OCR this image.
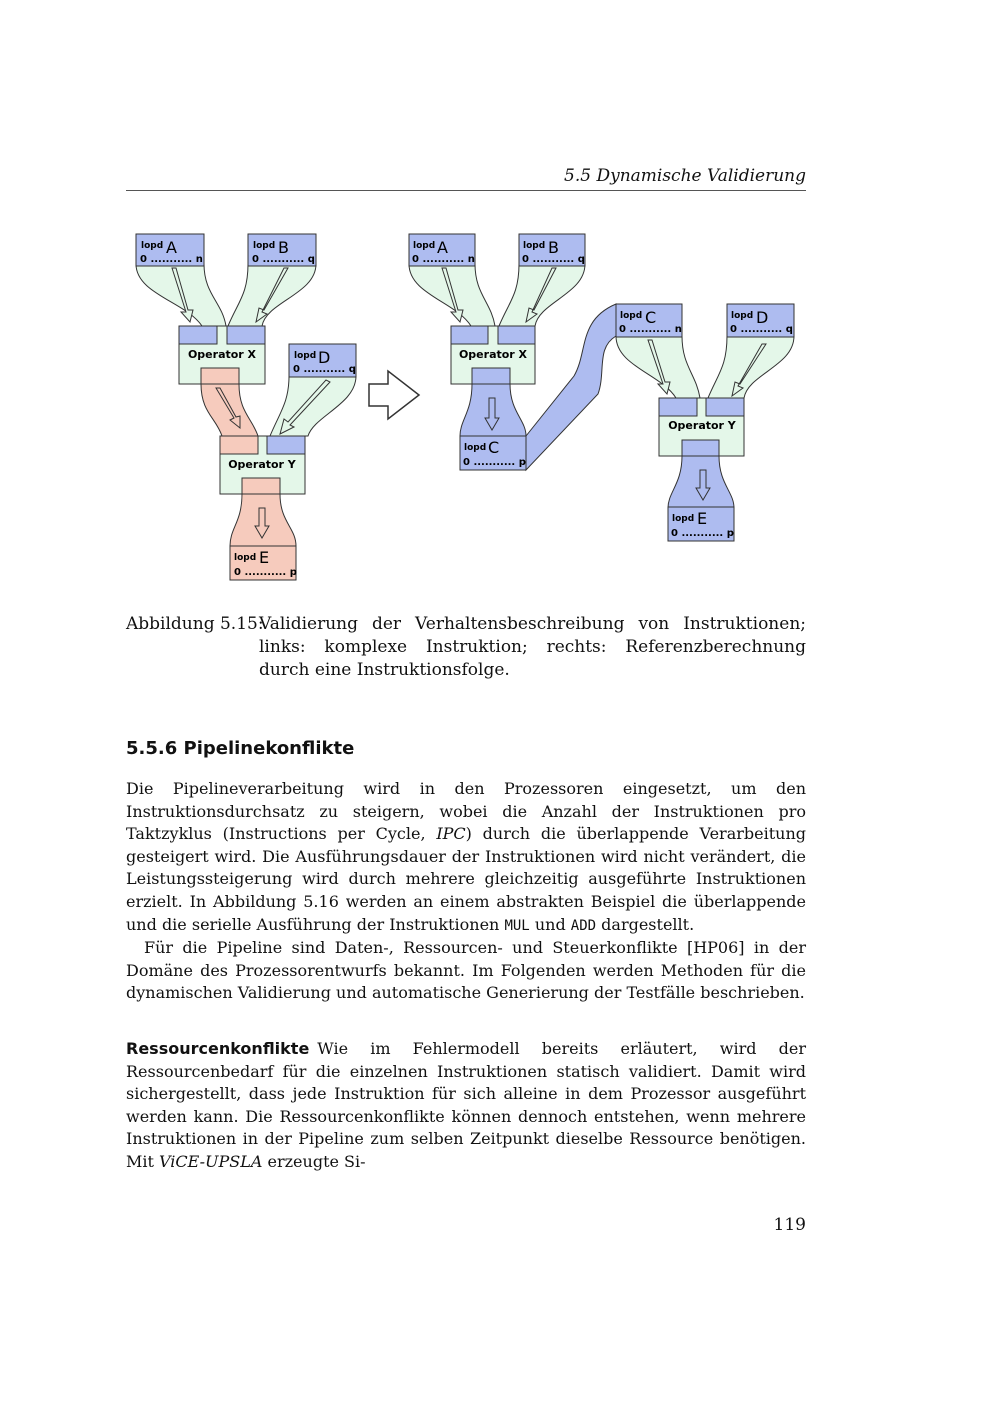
5.5 Dynamische Validierung
lopd A
0 ........... n
lopd B
0 ........... q
Operator X	lopd D
0 ........... q
Operator Y
lopd E
0 ........... p
lopd A
0 ........... n
lopd B
0 ........... q
Operator X
lopd C
0 ........... p
lopd C
0 ........... n
lopd D
0 ........... q
Operator Y
lopd E
0 ........... p
Abbildung 5.15:
Validierung der Verhaltensbeschreibung von Instruktionen; links: komplexe Instruktion; rechts: Referenzberechnung durch eine Instruktionsfolge.
5.5.6 Pipelinekonflikte

Die Pipelineverarbeitung wird in den Prozessoren eingesetzt, um den Instruktionsdurchsatz zu steigern, wobei die Anzahl der Instruktionen pro Taktzyklus (Instructions per Cycle, IPC) durch die überlappende Verarbeitung gesteigert wird. Die Ausführungsdauer der Instruktionen wird nicht verändert, die Leistungssteigerung wird durch mehrere gleichzeitig ausgeführte Instruktionen erzielt. In Abbildung 5.16 werden an einem abstrakten Beispiel die überlappende und die serielle Ausführung der Instruktionen MUL und ADD dargestellt.

Für die Pipeline sind Daten-, Ressourcen- und Steuerkonflikte [HP06] in der Domäne des Prozessorentwurfs bekannt. Im Folgenden werden Methoden für die dynamischen Validierung und automatische Generierung der Testfälle beschrieben.

Ressourcenkonflikte Wie im Fehlermodell bereits erläutert, wird der Ressourcenbedarf für die einzelnen Instruktionen statisch validiert. Damit wird sichergestellt, dass jede Instruktion für sich alleine in dem Prozessor ausgeführt werden kann. Die Ressourcenkonflikte können dennoch entstehen, wenn mehrere Instruktionen in der Pipeline zum selben Zeitpunkt dieselbe Ressource benötigen. Mit ViCE-UPSLA erzeugte Si-

119
